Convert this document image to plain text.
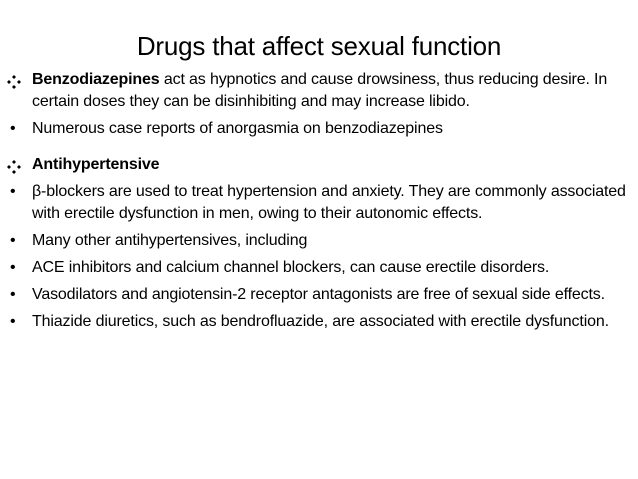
Drugs that affect sexual function
Benzodiazepines act as hypnotics and cause drowsiness, thus reducing desire. In certain doses they can be disinhibiting and may increase libido.
•	Numerous case reports of anorgasmia on benzodiazepines
Antihypertensive
•	β-blockers are used to treat hypertension and anxiety. They are commonly associated with erectile dysfunction in men, owing to their autonomic effects.
•	Many other antihypertensives, including
•	ACE inhibitors and calcium channel blockers, can cause erectile disorders.
•	Vasodilators and angiotensin-2 receptor antagonists are free of sexual side effects.
•	Thiazide diuretics, such as bendrofluazide, are associated with erectile dysfunction.
